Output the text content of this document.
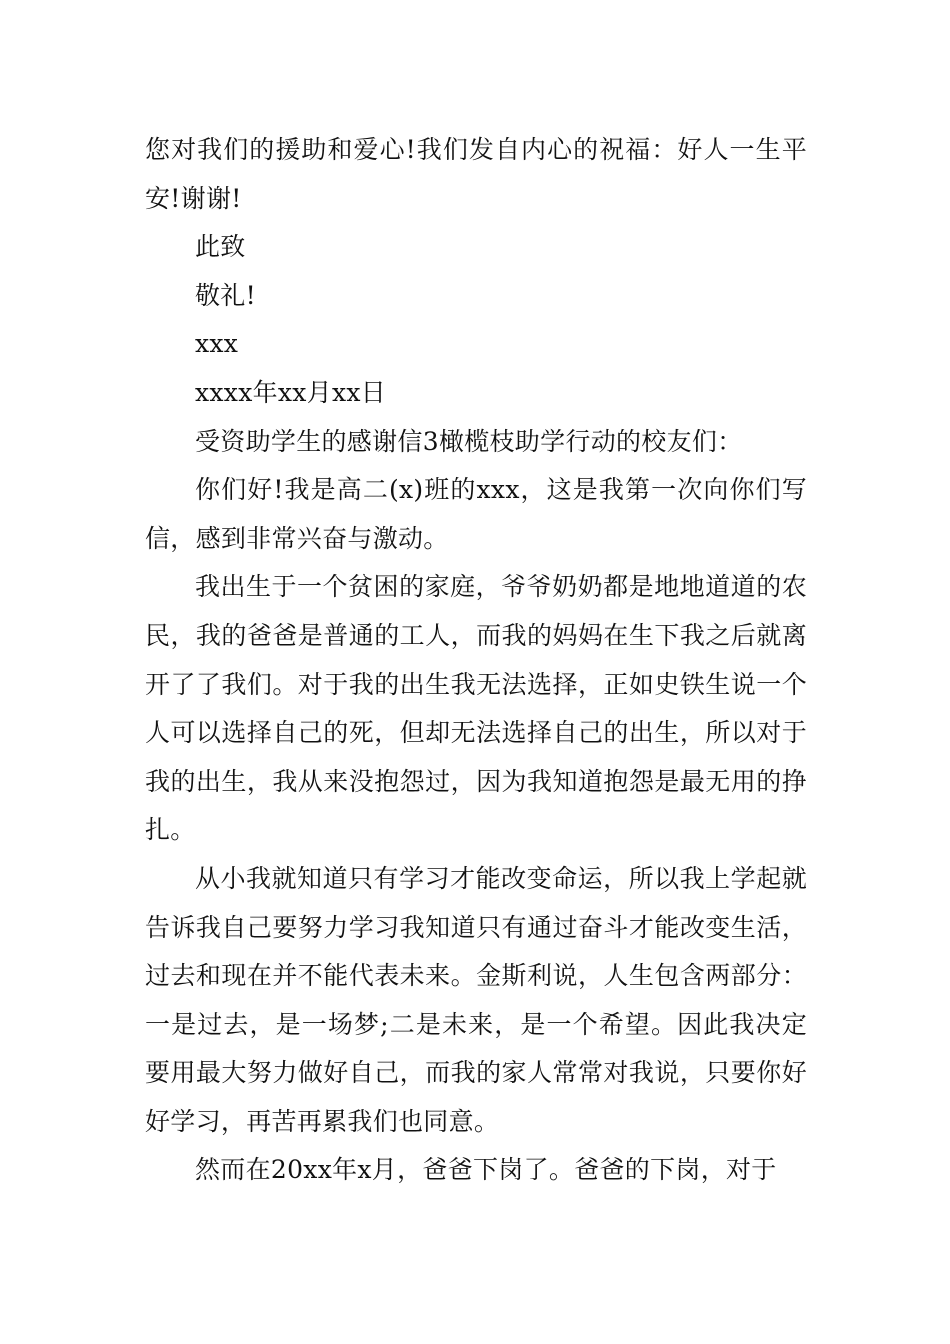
您对我们的援助和爱心!我们发自内心的祝福：好人一生平安!谢谢!

此致

敬礼!

xxx

xxxx年xx月xx日

受资助学生的感谢信3橄榄枝助学行动的校友们：

你们好!我是高二(x)班的xxx，这是我第一次向你们写信，感到非常兴奋与激动。

我出生于一个贫困的家庭，爷爷奶奶都是地地道道的农民，我的爸爸是普通的工人，而我的妈妈在生下我之后就离开了了我们。对于我的出生我无法选择，正如史铁生说一个人可以选择自己的死，但却无法选择自己的出生，所以对于我的出生，我从来没抱怨过，因为我知道抱怨是最无用的挣扎。

从小我就知道只有学习才能改变命运，所以我上学起就告诉我自己要努力学习我知道只有通过奋斗才能改变生活，过去和现在并不能代表未来。金斯利说，人生包含两部分：一是过去，是一场梦;二是未来，是一个希望。因此我决定要用最大努力做好自己，而我的家人常常对我说，只要你好好学习，再苦再累我们也同意。

然而在20xx年x月，爸爸下岗了。爸爸的下岗，对于
